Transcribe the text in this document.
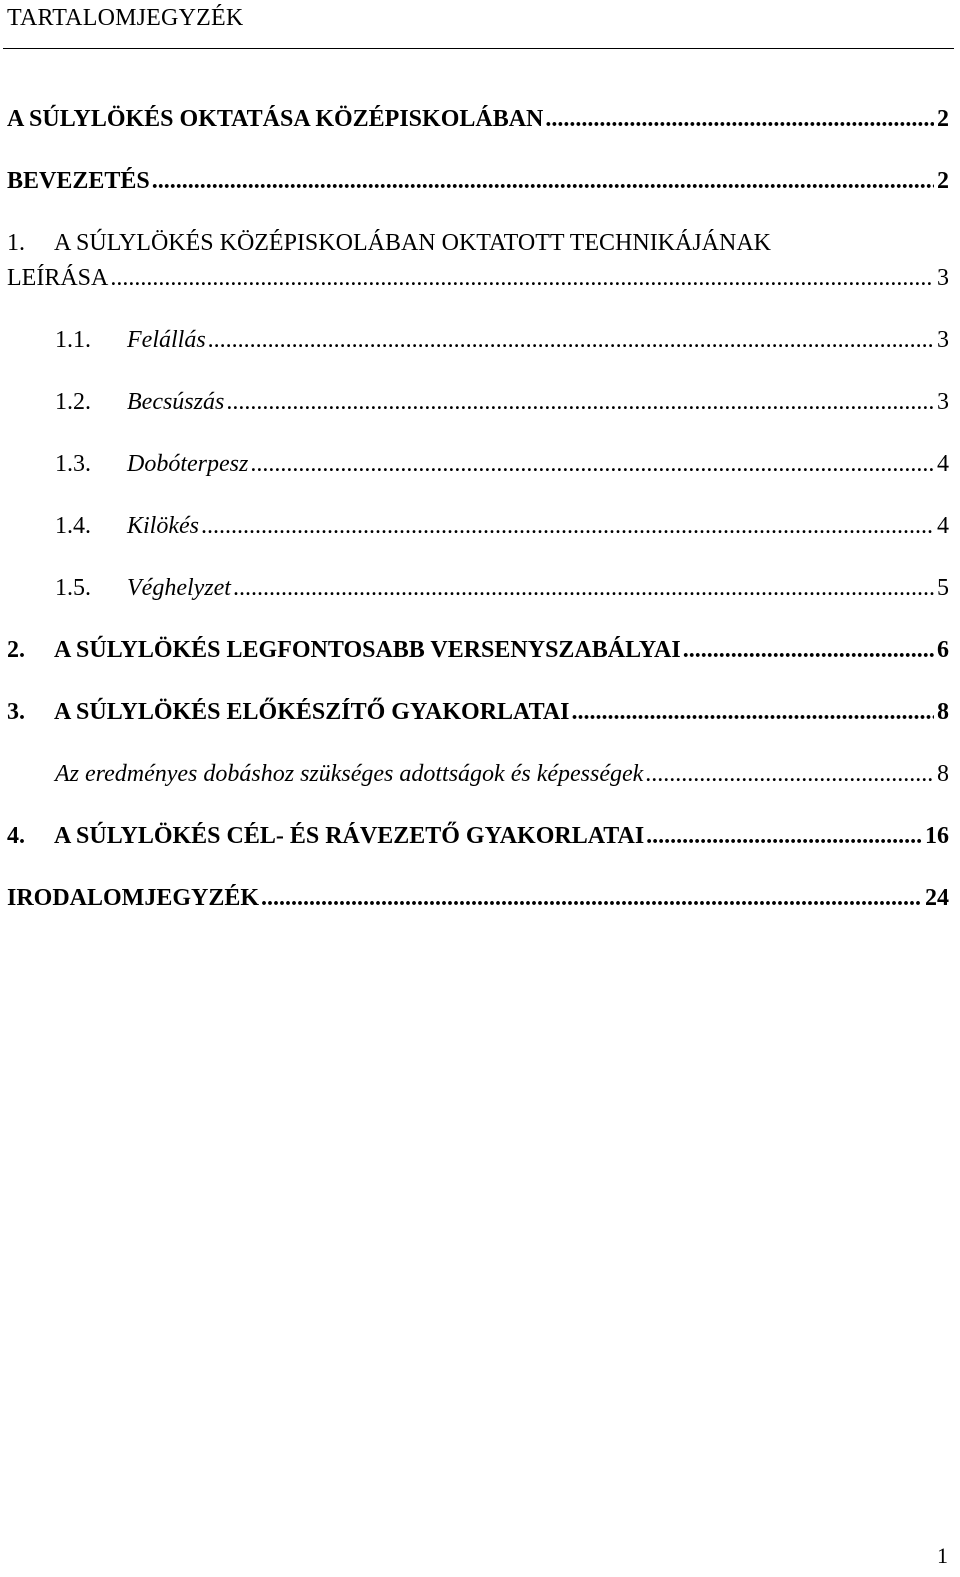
TARTALOMJEGYZÉK
A SÚLYLÖKÉS OKTATÁSA KÖZÉPISKOLÁBAN .....	2
BEVEZETÉS .....	2
1. A SÚLYLÖKÉS KÖZÉPISKOLÁBAN OKTATOTT TECHNIKÁJÁNAK
LEÍRÁSA .....	3
1.1.	Felállás .....	3
1.2.	Becsúszás .....	3
1.3.	Dobóterpesz .....	4
1.4.	Kilökés .....	4
1.5.	Véghelyzet .....	5
2.	A SÚLYLÖKÉS LEGFONTOSABB VERSENYSZABÁLYAI .....	6
3.	A SÚLYLÖKÉS ELŐKÉSZÍTŐ GYAKORLATAI .....	8
Az eredményes dobáshoz szükséges adottságok és képességek .....	8
4.	A SÚLYLÖKÉS CÉL- ÉS RÁVEZETŐ GYAKORLATAI .....	16
IRODALOMJEGYZÉK .....	24
1
